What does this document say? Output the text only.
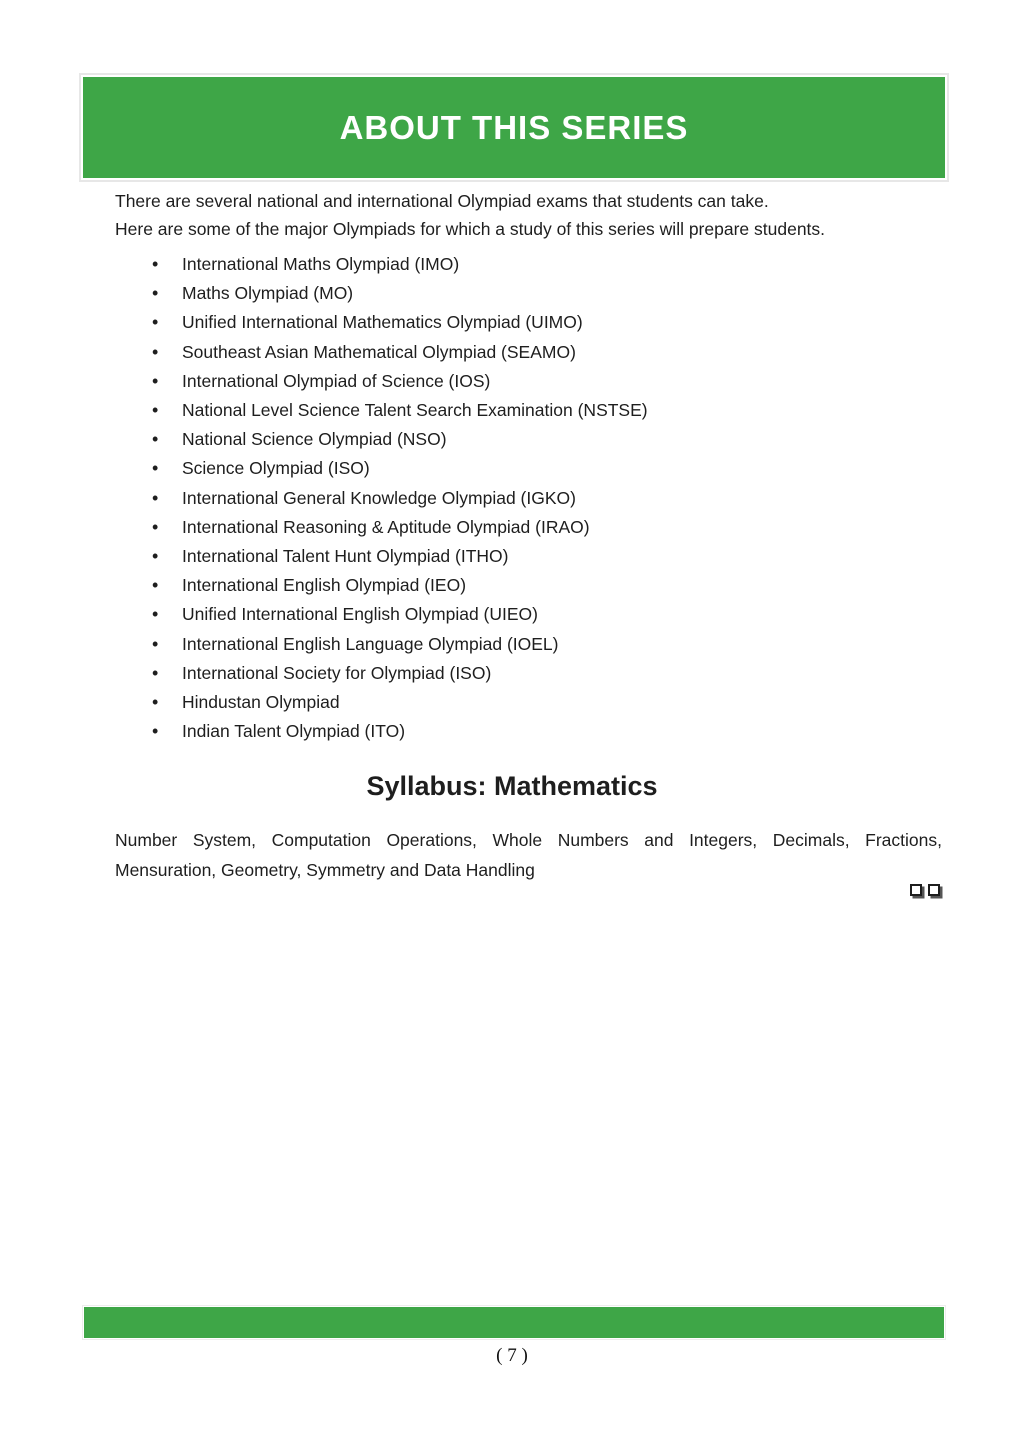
ABOUT THIS SERIES

There are several national and international Olympiad exams that students can take.

Here are some of the major Olympiads for which a study of this series will prepare students.

• International Maths Olympiad (IMO)
• Maths Olympiad (MO)
• Unified International Mathematics Olympiad (UIMO)
• Southeast Asian Mathematical Olympiad (SEAMO)
• International Olympiad of Science (IOS)
• National Level Science Talent Search Examination (NSTSE)
• National Science Olympiad (NSO)
• Science Olympiad (ISO)
• International General Knowledge Olympiad (IGKO)
• International Reasoning & Aptitude Olympiad (IRAO)
• International Talent Hunt Olympiad (ITHO)
• International English Olympiad (IEO)
• Unified International English Olympiad (UIEO)
• International English Language Olympiad (IOEL)
• International Society for Olympiad (ISO)
• Hindustan Olympiad
• Indian Talent Olympiad (ITO)
Syllabus: Mathematics

Number System, Computation Operations, Whole Numbers and Integers, Decimals, Fractions, Mensuration, Geometry, Symmetry and Data Handling

( 7 )
